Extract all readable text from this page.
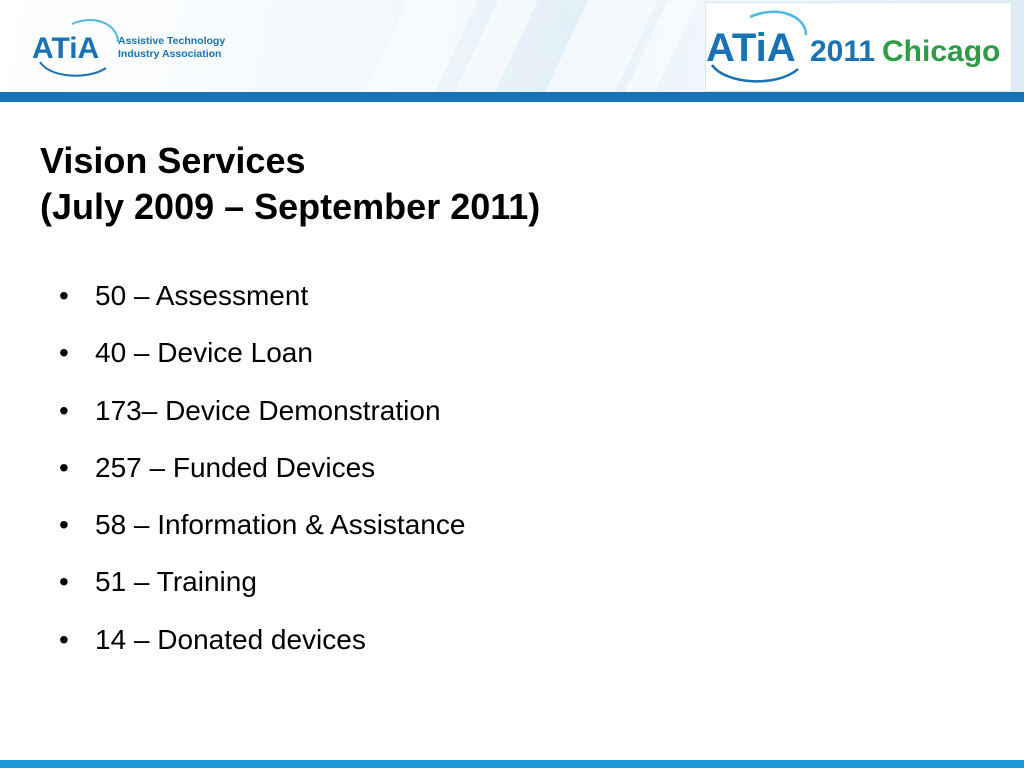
ATiA Assistive Technology
Industry Association	ATiA 2011 Chicago
Vision Services
(July 2009 – September 2011)
• 50 – Assessment
• 40 – Device Loan
• 173– Device Demonstration
• 257 – Funded Devices
• 58 – Information & Assistance
• 51 – Training
• 14 – Donated devices
